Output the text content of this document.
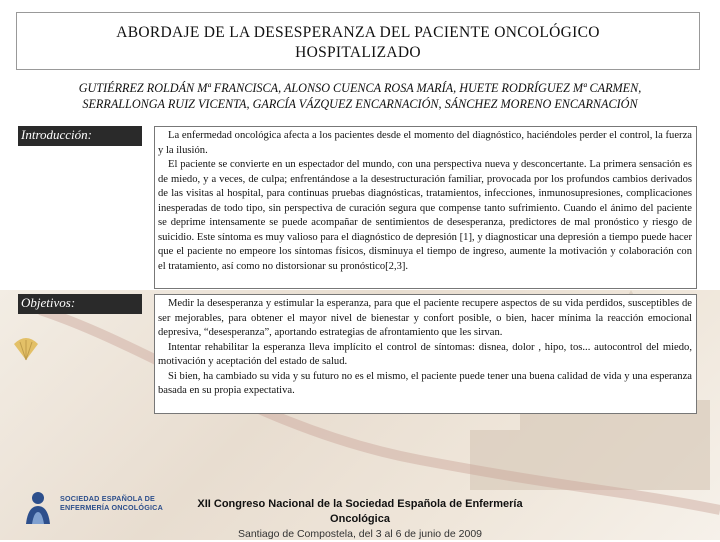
ABORDAJE DE LA DESESPERANZA DEL PACIENTE ONCOLÓGICO
HOSPITALIZADO
GUTIÉRREZ ROLDÁN Mª FRANCISCA, ALONSO CUENCA ROSA MARÍA, HUETE RODRÍGUEZ Mª CARMEN,
SERRALLONGA RUIZ VICENTA, GARCÍA VÁZQUEZ ENCARNACIÓN, SÁNCHEZ MORENO ENCARNACIÓN
Introducción:	La enfermedad oncológica afecta a los pacientes desde el momento del diagnóstico, haciéndoles perder el control, la fuerza y la ilusión.

El paciente se convierte en un espectador del mundo, con una perspectiva nueva y desconcertante. La primera sensación es de miedo, y a veces, de culpa; enfrentándose a la desestructuración familiar, provocada por los profundos cambios derivados de las visitas al hospital, para continuas pruebas diagnósticas, tratamientos, infecciones, inmunosupresiones, complicaciones inesperadas de todo tipo, sin perspectiva de curación segura que compense tanto sufrimiento. Cuando el ánimo del paciente se deprime intensamente se puede acompañar de sentimientos de desesperanza, predictores de mal pronóstico y riesgo de suicidio. Este síntoma es muy valioso para el diagnóstico de depresión [1], y diagnosticar una depresión a tiempo puede hacer que el paciente no empeore los síntomas físicos, disminuya el tiempo de ingreso, aumente la motivación y colaboración con el tratamiento, así como no distorsionar su pronóstico[2,3].

Objetivos:	Medir la desesperanza y estimular la esperanza, para que el paciente recupere aspectos de su vida perdidos, susceptibles de ser mejorables, para obtener el mayor nivel de bienestar y confort posible, o bien, hacer mínima la reacción emocional depresiva, “desesperanza”, aportando estrategias de afrontamiento que les sirvan.

Intentar rehabilitar la esperanza lleva implícito el control de síntomas: disnea, dolor , hipo, tos... autocontrol del miedo, motivación y aceptación del estado de salud.

Si bien, ha cambiado su vida y su futuro no es el mismo, el paciente puede tener una buena calidad de vida y una esperanza basada en su propia expectativa.

SOCIEDAD ESPAÑOLA DE
ENFERMERÍA ONCOLÓGICA	XII Congreso Nacional de la Sociedad Española de Enfermería Oncológica
Santiago de Compostela, del 3 al 6 de junio de 2009
